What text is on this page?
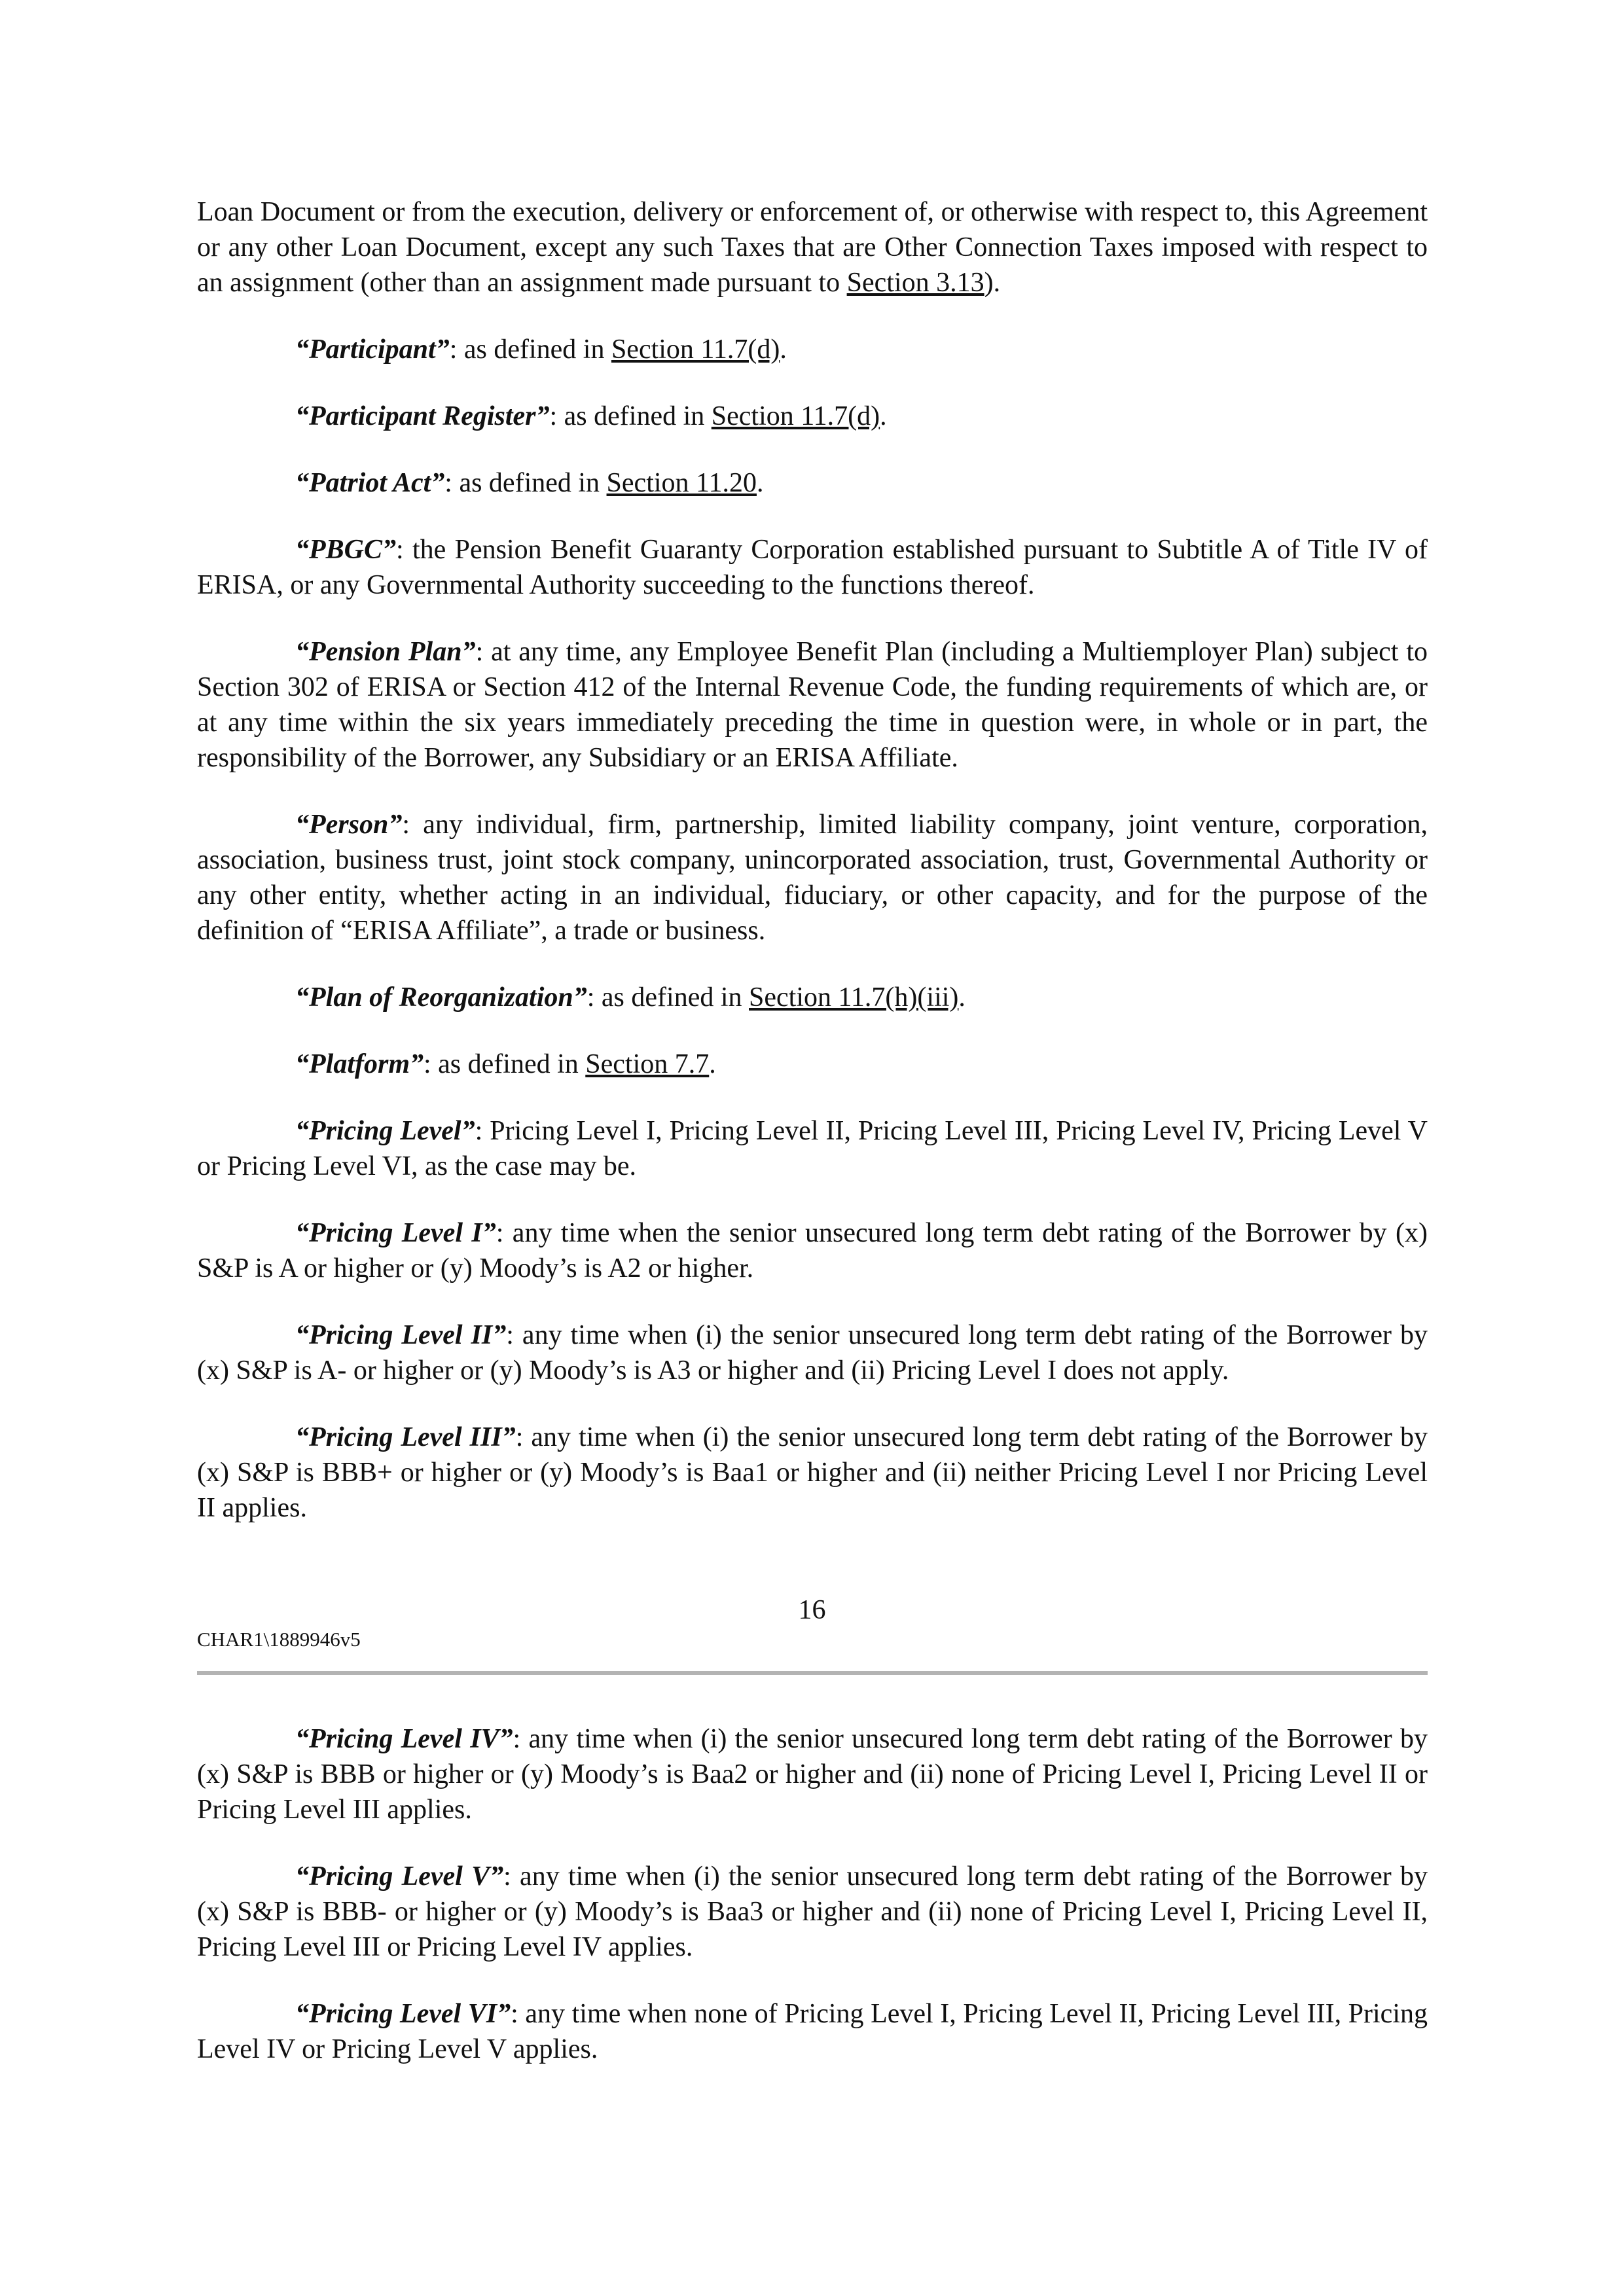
Loan Document or from the execution, delivery or enforcement of, or otherwise with respect to, this Agreement or any other Loan Document, except any such Taxes that are Other Connection Taxes imposed with respect to an assignment (other than an assignment made pursuant to Section 3.13).

“Participant”: as defined in Section 11.7(d).

“Participant Register”: as defined in Section 11.7(d).

“Patriot Act”: as defined in Section 11.20.

“PBGC”: the Pension Benefit Guaranty Corporation established pursuant to Subtitle A of Title IV of ERISA, or any Governmental Authority succeeding to the functions thereof.

“Pension Plan”: at any time, any Employee Benefit Plan (including a Multiemployer Plan) subject to Section 302 of ERISA or Section 412 of the Internal Revenue Code, the funding requirements of which are, or at any time within the six years immediately preceding the time in question were, in whole or in part, the responsibility of the Borrower, any Subsidiary or an ERISA Affiliate.

“Person”: any individual, firm, partnership, limited liability company, joint venture, corporation, association, business trust, joint stock company, unincorporated association, trust, Governmental Authority or any other entity, whether acting in an individual, fiduciary, or other capacity, and for the purpose of the definition of “ERISA Affiliate”, a trade or business.

“Plan of Reorganization”: as defined in Section 11.7(h)(iii).

“Platform”: as defined in Section 7.7.

“Pricing Level”: Pricing Level I, Pricing Level II, Pricing Level III, Pricing Level IV, Pricing Level V or Pricing Level VI, as the case may be.

“Pricing Level I”: any time when the senior unsecured long term debt rating of the Borrower by (x) S&P is A or higher or (y) Moody’s is A2 or higher.

“Pricing Level II”: any time when (i) the senior unsecured long term debt rating of the Borrower by (x) S&P is A- or higher or (y) Moody’s is A3 or higher and (ii) Pricing Level I does not apply.

“Pricing Level III”: any time when (i) the senior unsecured long term debt rating of the Borrower by (x) S&P is BBB+ or higher or (y) Moody’s is Baa1 or higher and (ii) neither Pricing Level I nor Pricing Level II applies.

16
CHAR1\1889946v5

“Pricing Level IV”: any time when (i) the senior unsecured long term debt rating of the Borrower by (x) S&P is BBB or higher or (y) Moody’s is Baa2 or higher and (ii) none of Pricing Level I, Pricing Level II or Pricing Level III applies.

“Pricing Level V”: any time when (i) the senior unsecured long term debt rating of the Borrower by (x) S&P is BBB- or higher or (y) Moody’s is Baa3 or higher and (ii) none of Pricing Level I, Pricing Level II, Pricing Level III or Pricing Level IV applies.

“Pricing Level VI”: any time when none of Pricing Level I, Pricing Level II, Pricing Level III, Pricing Level IV or Pricing Level V applies.
